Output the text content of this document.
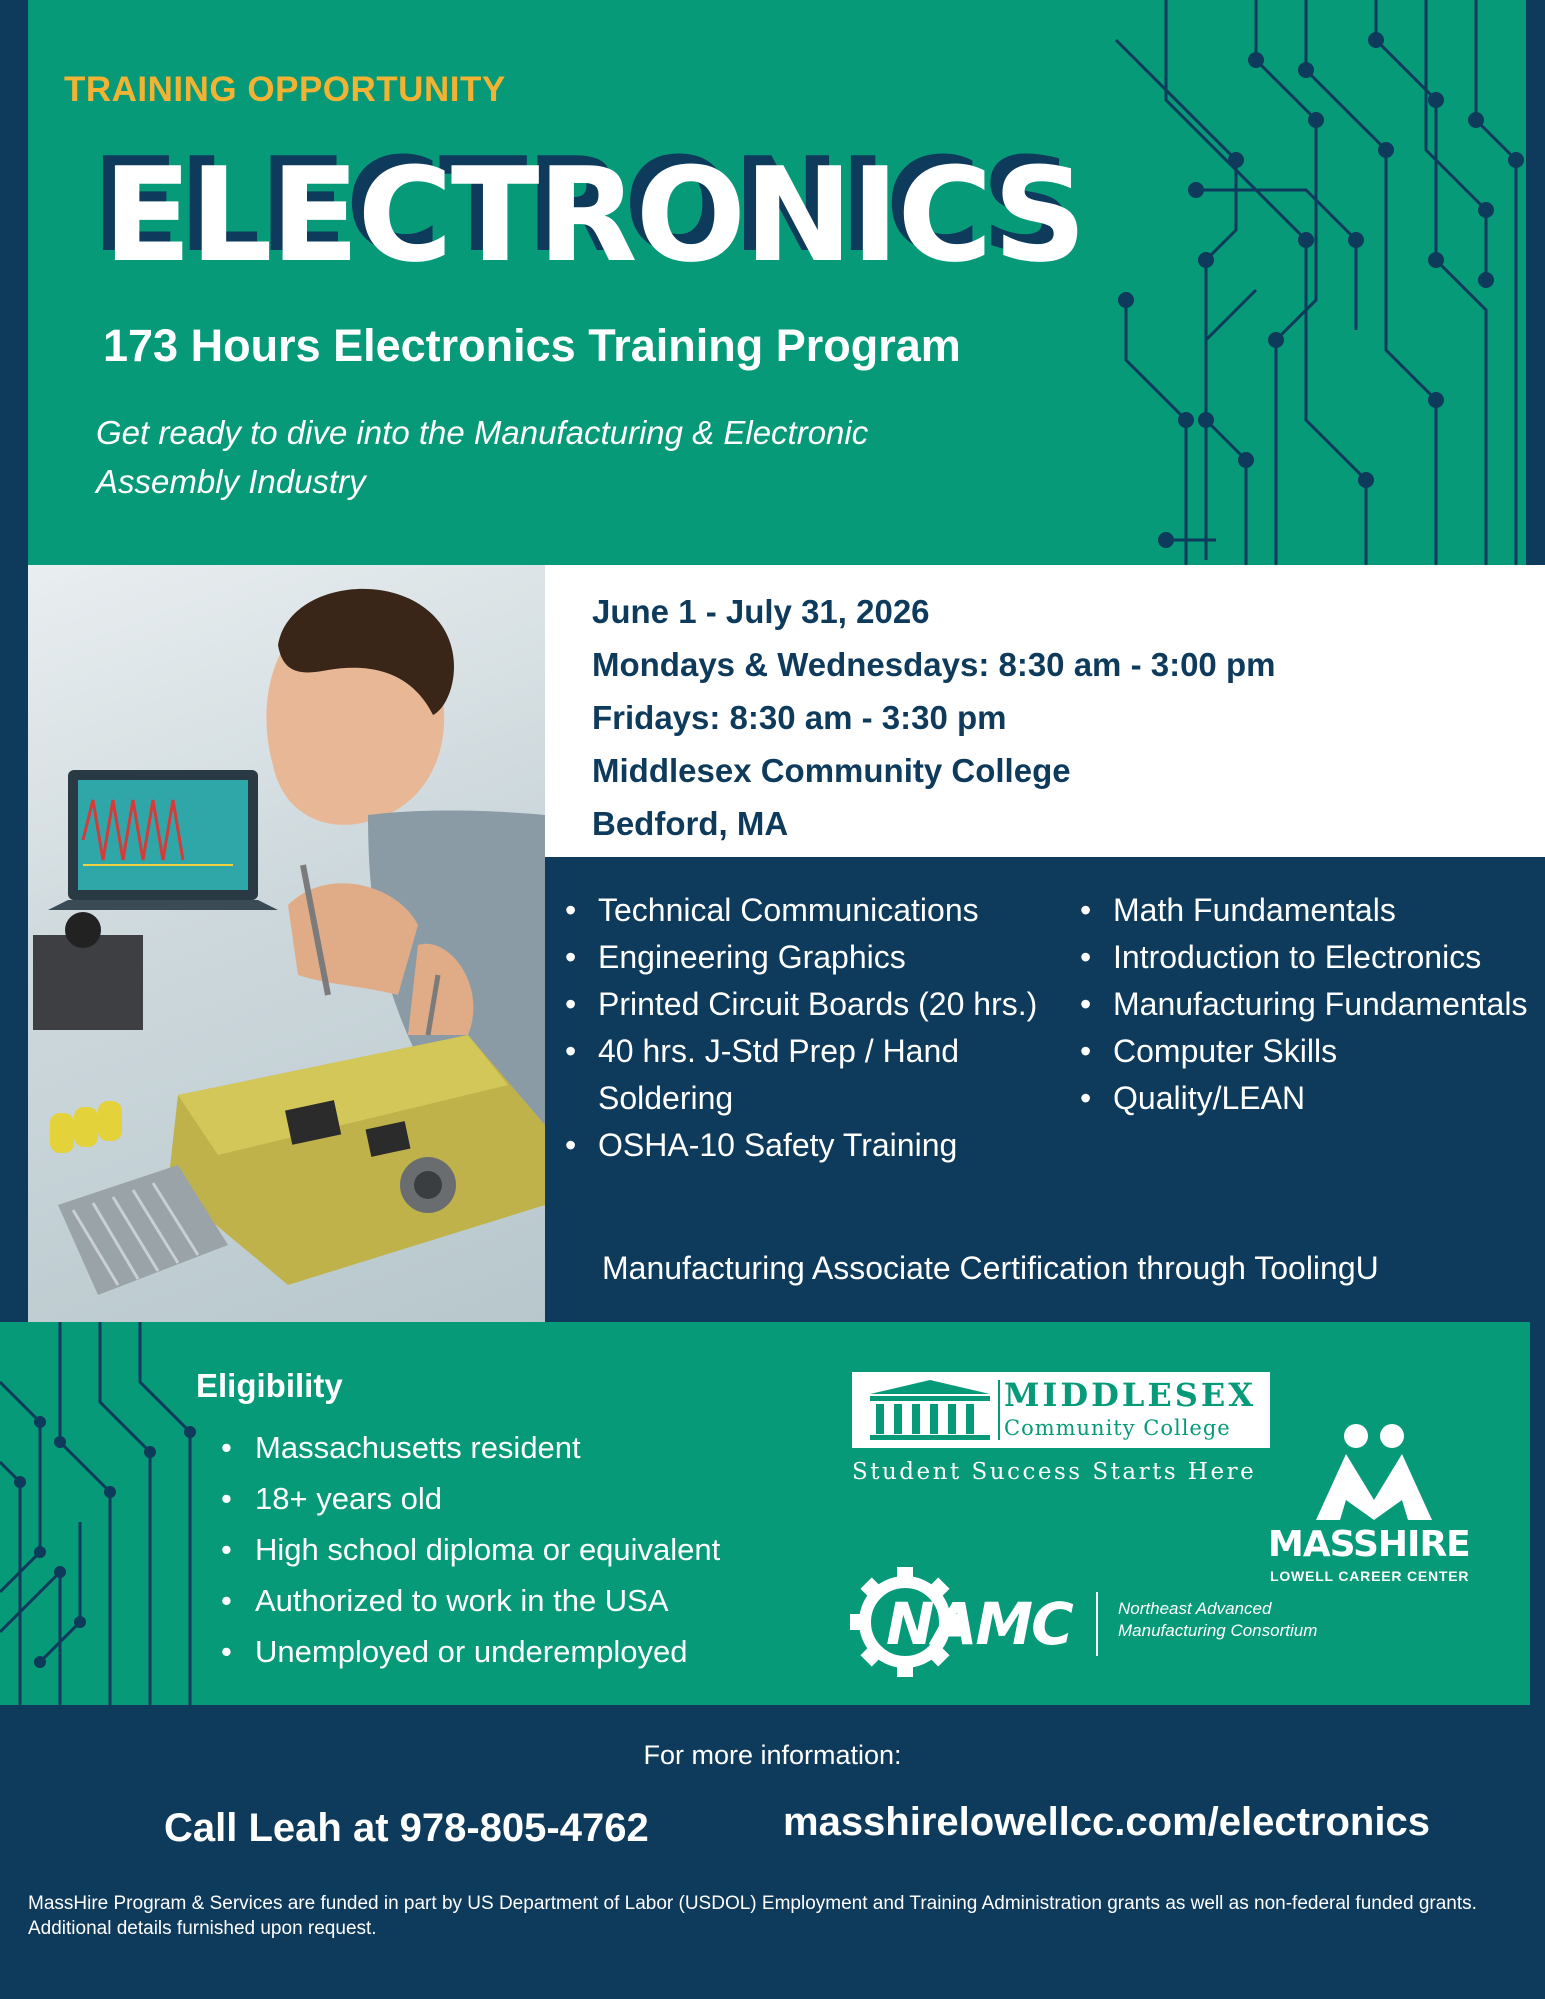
TRAINING OPPORTUNITY
ELECTRONICS
173 Hours Electronics Training Program
Get ready to dive into the Manufacturing & Electronic Assembly Industry
June 1 - July 31, 2026
Mondays & Wednesdays: 8:30 am - 3:00 pm
Fridays: 8:30 am - 3:30 pm
Middlesex Community College
Bedford, MA
• Technical Communications
• Engineering Graphics
• Printed Circuit Boards (20 hrs.)
• 40 hrs. J-Std Prep / Hand Soldering
• OSHA-10 Safety Training
• Math Fundamentals
• Introduction to Electronics
• Manufacturing Fundamentals
• Computer Skills
• Quality/LEAN
Manufacturing Associate Certification through ToolingU
Eligibility
• Massachusetts resident
• 18+ years old
• High school diploma or equivalent
• Authorized to work in the USA
• Unemployed or underemployed
MIDDLESEX
Community College
Student Success Starts Here
MASSHIRE
LOWELL CAREER CENTER
NAMC	Northeast Advanced
Manufacturing Consortium
For more information:
Call Leah at 978-805-4762	masshirelowellcc.com/electronics
MassHire Program & Services are funded in part by US Department of Labor (USDOL) Employment and Training Administration grants as well as non-federal funded grants. Additional details furnished upon request.
